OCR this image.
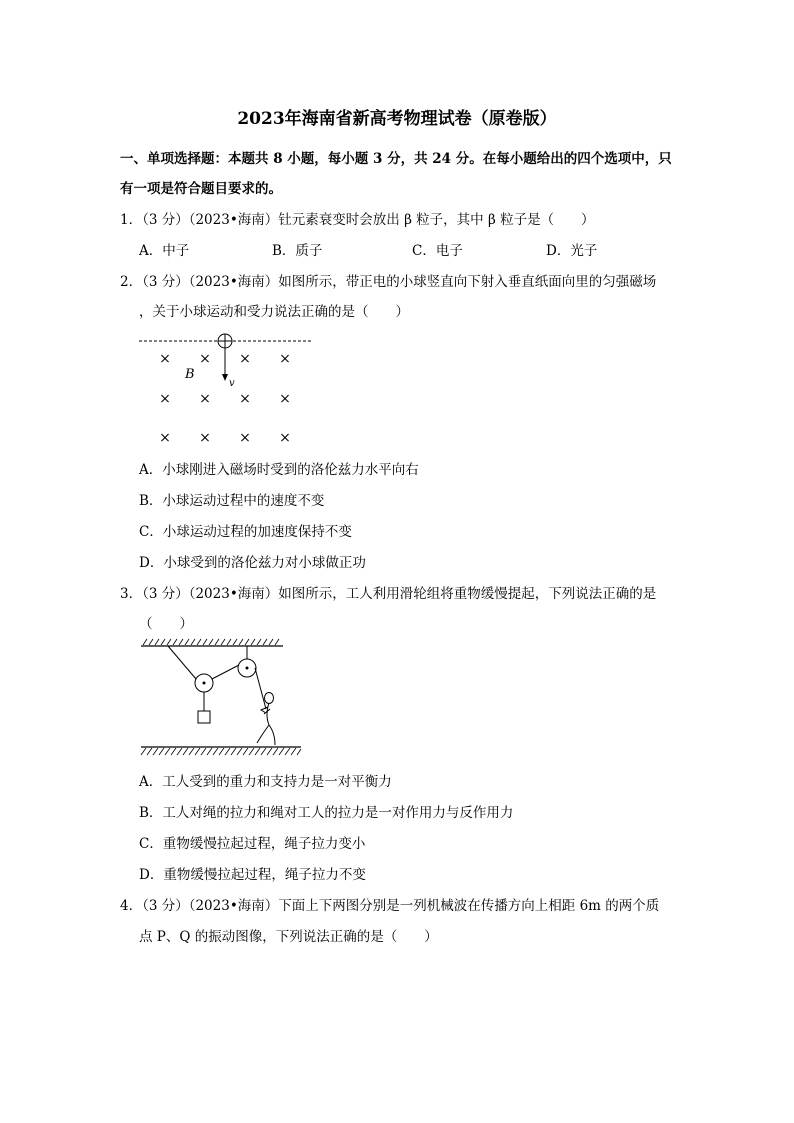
2023年海南省新高考物理试卷（原卷版）
一、单项选择题：本题共 8 小题，每小题 3 分，共 24 分。在每小题给出的四个选项中，只
有一项是符合题目要求的。
1．（3 分）（2023•海南）钍元素衰变时会放出 β 粒子，其中 β 粒子是（　　）
A．中子	B．质子	C．电子	D．光子
2．（3 分）（2023•海南）如图所示，带正电的小球竖直向下射入垂直纸面向里的匀强磁场
，关于小球运动和受力说法正确的是（　　）
v
B
× × × ×
× × × ×
× × × ×
A．小球刚进入磁场时受到的洛伦兹力水平向右
B．小球运动过程中的速度不变
C．小球运动过程的加速度保持不变
D．小球受到的洛伦兹力对小球做正功
3．（3 分）（2023•海南）如图所示，工人利用滑轮组将重物缓慢提起，下列说法正确的是
（　　）
A．工人受到的重力和支持力是一对平衡力
B．工人对绳的拉力和绳对工人的拉力是一对作用力与反作用力
C．重物缓慢拉起过程，绳子拉力变小
D．重物缓慢拉起过程，绳子拉力不变
4．（3 分）（2023•海南）下面上下两图分别是一列机械波在传播方向上相距 6m 的两个质
点 P、Q 的振动图像，下列说法正确的是（　　）
